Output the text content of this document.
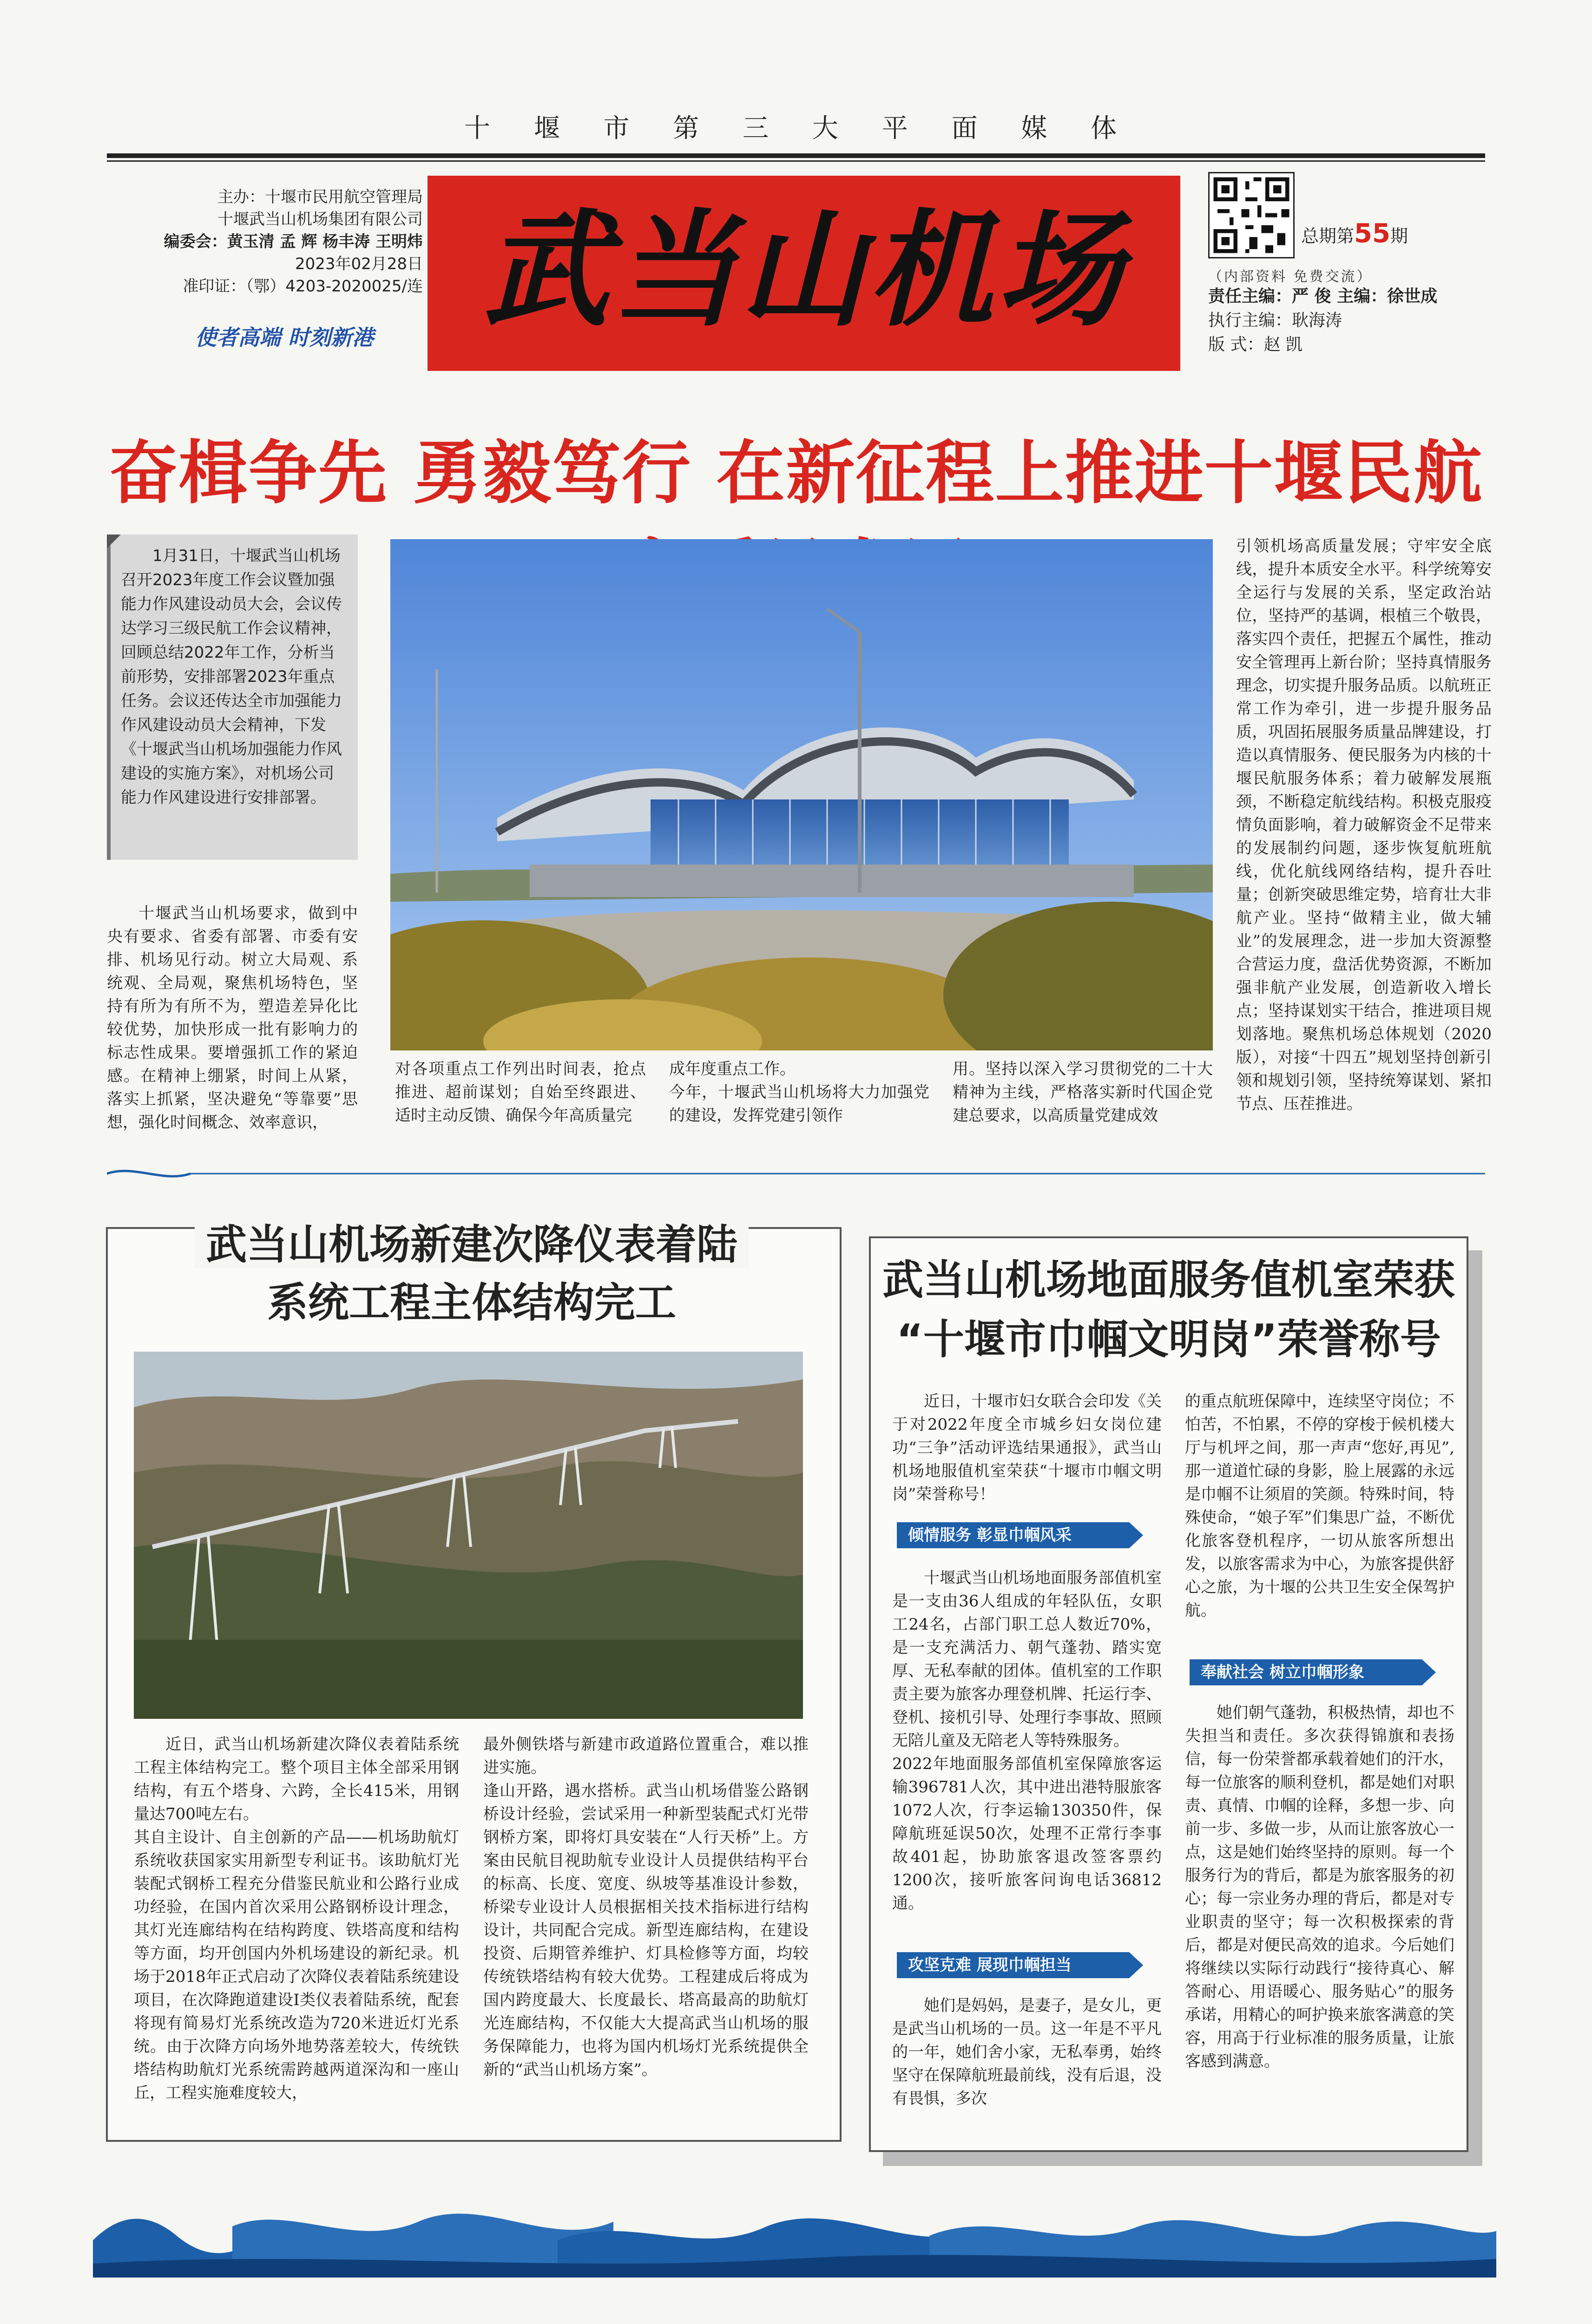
十 堰 市 第 三 大 平 面 媒 体
主办：十堰市民用航空管理局
十堰武当山机场集团有限公司
编委会：黄玉清 孟 辉 杨丰涛 王明炜
2023年02月28日
准印证：（鄂）4203-2020025/连
使者高端 时刻新港 武当山机场	总期第55期
（内部资料 免费交流）
责任主编：严 俊 主编：徐世成
执行主编：耿海涛
版 式：赵 凯
奋楫争先 勇毅笃行 在新征程上推进十堰民航
1月31日，十堰武当山机场召开2023年度工作会议暨加强能力作风建设动员大会，会议传达学习三级民航工作会议精神，回顾总结2022年工作，分析当前形势，安排部署2023年重点任务。会议还传达全市加强能力作风建设动员大会精神，下发《十堰武当山机场加强能力作风建设的实施方案》，对机场公司能力作风建设进行安排部署。
十堰武当山机场要求，做到中央有要求、省委有部署、市委有安排、机场见行动。树立大局观、系统观、全局观，聚焦机场特色，坚持有所为有所不为，塑造差异化比较优势，加快形成一批有影响力的标志性成果。要增强抓工作的紧迫感。在精神上绷紧，时间上从紧，落实上抓紧，坚决避免“等靠要”思想，强化时间概念、效率意识，
对各项重点工作列出时间表，抢点推进、超前谋划；自始至终跟进、适时主动反馈、确保今年高质量完
成年度重点工作。
今年，十堰武当山机场将大力加强党的建设，发挥党建引领作
用。坚持以深入学习贯彻党的二十大精神为主线，严格落实新时代国企党建总要求，以高质量党建成效
引领机场高质量发展；守牢安全底线，提升本质安全水平。科学统筹安全运行与发展的关系，坚定政治站位，坚持严的基调，根植三个敬畏，落实四个责任，把握五个属性，推动安全管理再上新台阶；坚持真情服务理念，切实提升服务品质。以航班正常工作为牵引，进一步提升服务品质，巩固拓展服务质量品牌建设，打造以真情服务、便民服务为内核的十堰民航服务体系；着力破解发展瓶颈，不断稳定航线结构。积极克服疫情负面影响，着力破解资金不足带来的发展制约问题，逐步恢复航班航线，优化航线网络结构，提升吞吐量；创新突破思维定势，培育壮大非航产业。坚持“做精主业，做大辅业”的发展理念，进一步加大资源整合营运力度，盘活优势资源，不断加强非航产业发展，创造新收入增长点；坚持谋划实干结合，推进项目规划落地。聚焦机场总体规划（2020版），对接“十四五”规划坚持创新引领和规划引领，坚持统筹谋划、紧扣节点、压茬推进。
武当山机场新建次降仪表着陆
系统工程主体结构完工
近日，武当山机场新建次降仪表着陆系统工程主体结构完工。整个项目主体全部采用钢结构，有五个塔身、六跨，全长415米，用钢量达700吨左右。
其自主设计、自主创新的产品——机场助航灯系统收获国家实用新型专利证书。该助航灯光装配式钢桥工程充分借鉴民航业和公路行业成功经验，在国内首次采用公路钢桥设计理念，其灯光连廊结构在结构跨度、铁塔高度和结构等方面，均开创国内外机场建设的新纪录。机场于2018年正式启动了次降仪表着陆系统建设项目，在次降跑道建设I类仪表着陆系统，配套将现有简易灯光系统改造为720米进近灯光系统。由于次降方向场外地势落差较大，传统铁塔结构助航灯光系统需跨越两道深沟和一座山丘，工程实施难度较大，
最外侧铁塔与新建市政道路位置重合，难以推进实施。
逢山开路，遇水搭桥。武当山机场借鉴公路钢桥设计经验，尝试采用一种新型装配式灯光带钢桥方案，即将灯具安装在“人行天桥”上。方案由民航目视助航专业设计人员提供结构平台的标高、长度、宽度、纵坡等基准设计参数，桥梁专业设计人员根据相关技术指标进行结构设计，共同配合完成。新型连廊结构，在建设投资、后期管养维护、灯具检修等方面，均较传统铁塔结构有较大优势。工程建成后将成为国内跨度最大、长度最长、塔高最高的助航灯光连廊结构，不仅能大大提高武当山机场的服务保障能力，也将为国内机场灯光系统提供全新的“武当山机场方案”。
武当山机场地面服务值机室荣获
“十堰市巾帼文明岗”荣誉称号
近日，十堰市妇女联合会印发《关于对2022年度全市城乡妇女岗位建功“三争”活动评选结果通报》，武当山机场地服值机室荣获“十堰市巾帼文明岗”荣誉称号！
倾情服务 彰显巾帼风采
十堰武当山机场地面服务部值机室是一支由36人组成的年轻队伍，女职工24名，占部门职工总人数近70%，是一支充满活力、朝气蓬勃、踏实宽厚、无私奉献的团体。值机室的工作职责主要为旅客办理登机牌、托运行李、登机、接机引导、处理行李事故、照顾无陪儿童及无陪老人等特殊服务。
2022年地面服务部值机室保障旅客运输396781人次，其中进出港特服旅客1072人次，行李运输130350件，保障航班延误50次，处理不正常行李事故401起，协助旅客退改签客票约1200次，接听旅客问询电话36812通。
攻坚克难 展现巾帼担当
她们是妈妈，是妻子，是女儿，更是武当山机场的一员。这一年是不平凡的一年，她们舍小家，无私奉勇，始终坚守在保障航班最前线，没有后退，没有畏惧，多次
的重点航班保障中，连续坚守岗位；不怕苦，不怕累，不停的穿梭于候机楼大厅与机坪之间，那一声声“您好,再见”,那一道道忙碌的身影，脸上展露的永远是巾帼不让须眉的笑颜。特殊时间，特殊使命，“娘子军”们集思广益，不断优化旅客登机程序，一切从旅客所想出发，以旅客需求为中心，为旅客提供舒心之旅，为十堰的公共卫生安全保驾护航。
奉献社会 树立巾帼形象
她们朝气蓬勃，积极热情，却也不失担当和责任。多次获得锦旗和表扬信，每一份荣誉都承载着她们的汗水，每一位旅客的顺利登机，都是她们对职责、真情、巾帼的诠释，多想一步、向前一步、多做一步，从而让旅客放心一点，这是她们始终坚持的原则。每一个服务行为的背后，都是为旅客服务的初心；每一宗业务办理的背后，都是对专业职责的坚守；每一次积极探索的背后，都是对便民高效的追求。今后她们将继续以实际行动践行“接待真心、解答耐心、用语暖心、服务贴心”的服务承诺，用精心的呵护换来旅客满意的笑容，用高于行业标准的服务质量，让旅客感到满意。
